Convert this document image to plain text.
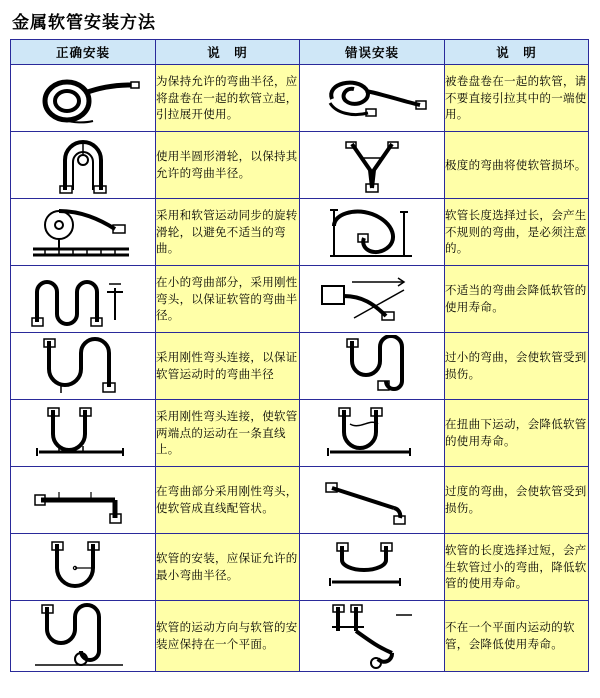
金属软管安装方法
正确安装	说　明	错误安装	说　明

	为保持允许的弯曲半径，应将盘卷在一起的软管立起，引拉展开使用。		被卷盘卷在一起的软管，请不要直接引拉其中的一端使用。

	使用半圆形滑轮，以保持其允许的弯曲半径。		极度的弯曲将使软管损坏。

	采用和软管运动同步的旋转滑轮，以避免不适当的弯曲。		软管长度选择过长，会产生不规则的弯曲，是必须注意的。

	在小的弯曲部分，采用刚性弯头，以保证软管的弯曲半径。		不适当的弯曲会降低软管的使用寿命。

	采用刚性弯头连接，以保证软管运动时的弯曲半径		过小的弯曲，会使软管受到损伤。

	采用刚性弯头连接，使软管两端点的运动在一条直线上。		在扭曲下运动，会降低软管的使用寿命。

	在弯曲部分采用刚性弯头，使软管成直线配管状。		过度的弯曲，会使软管受到损伤。

	软管的安装，应保证允许的最小弯曲半径。		软管的长度选择过短，会产生软管过小的弯曲，降低软管的使用寿命。

	软管的运动方向与软管的安装应保持在一个平面。		不在一个平面内运动的软管，会降低使用寿命。
